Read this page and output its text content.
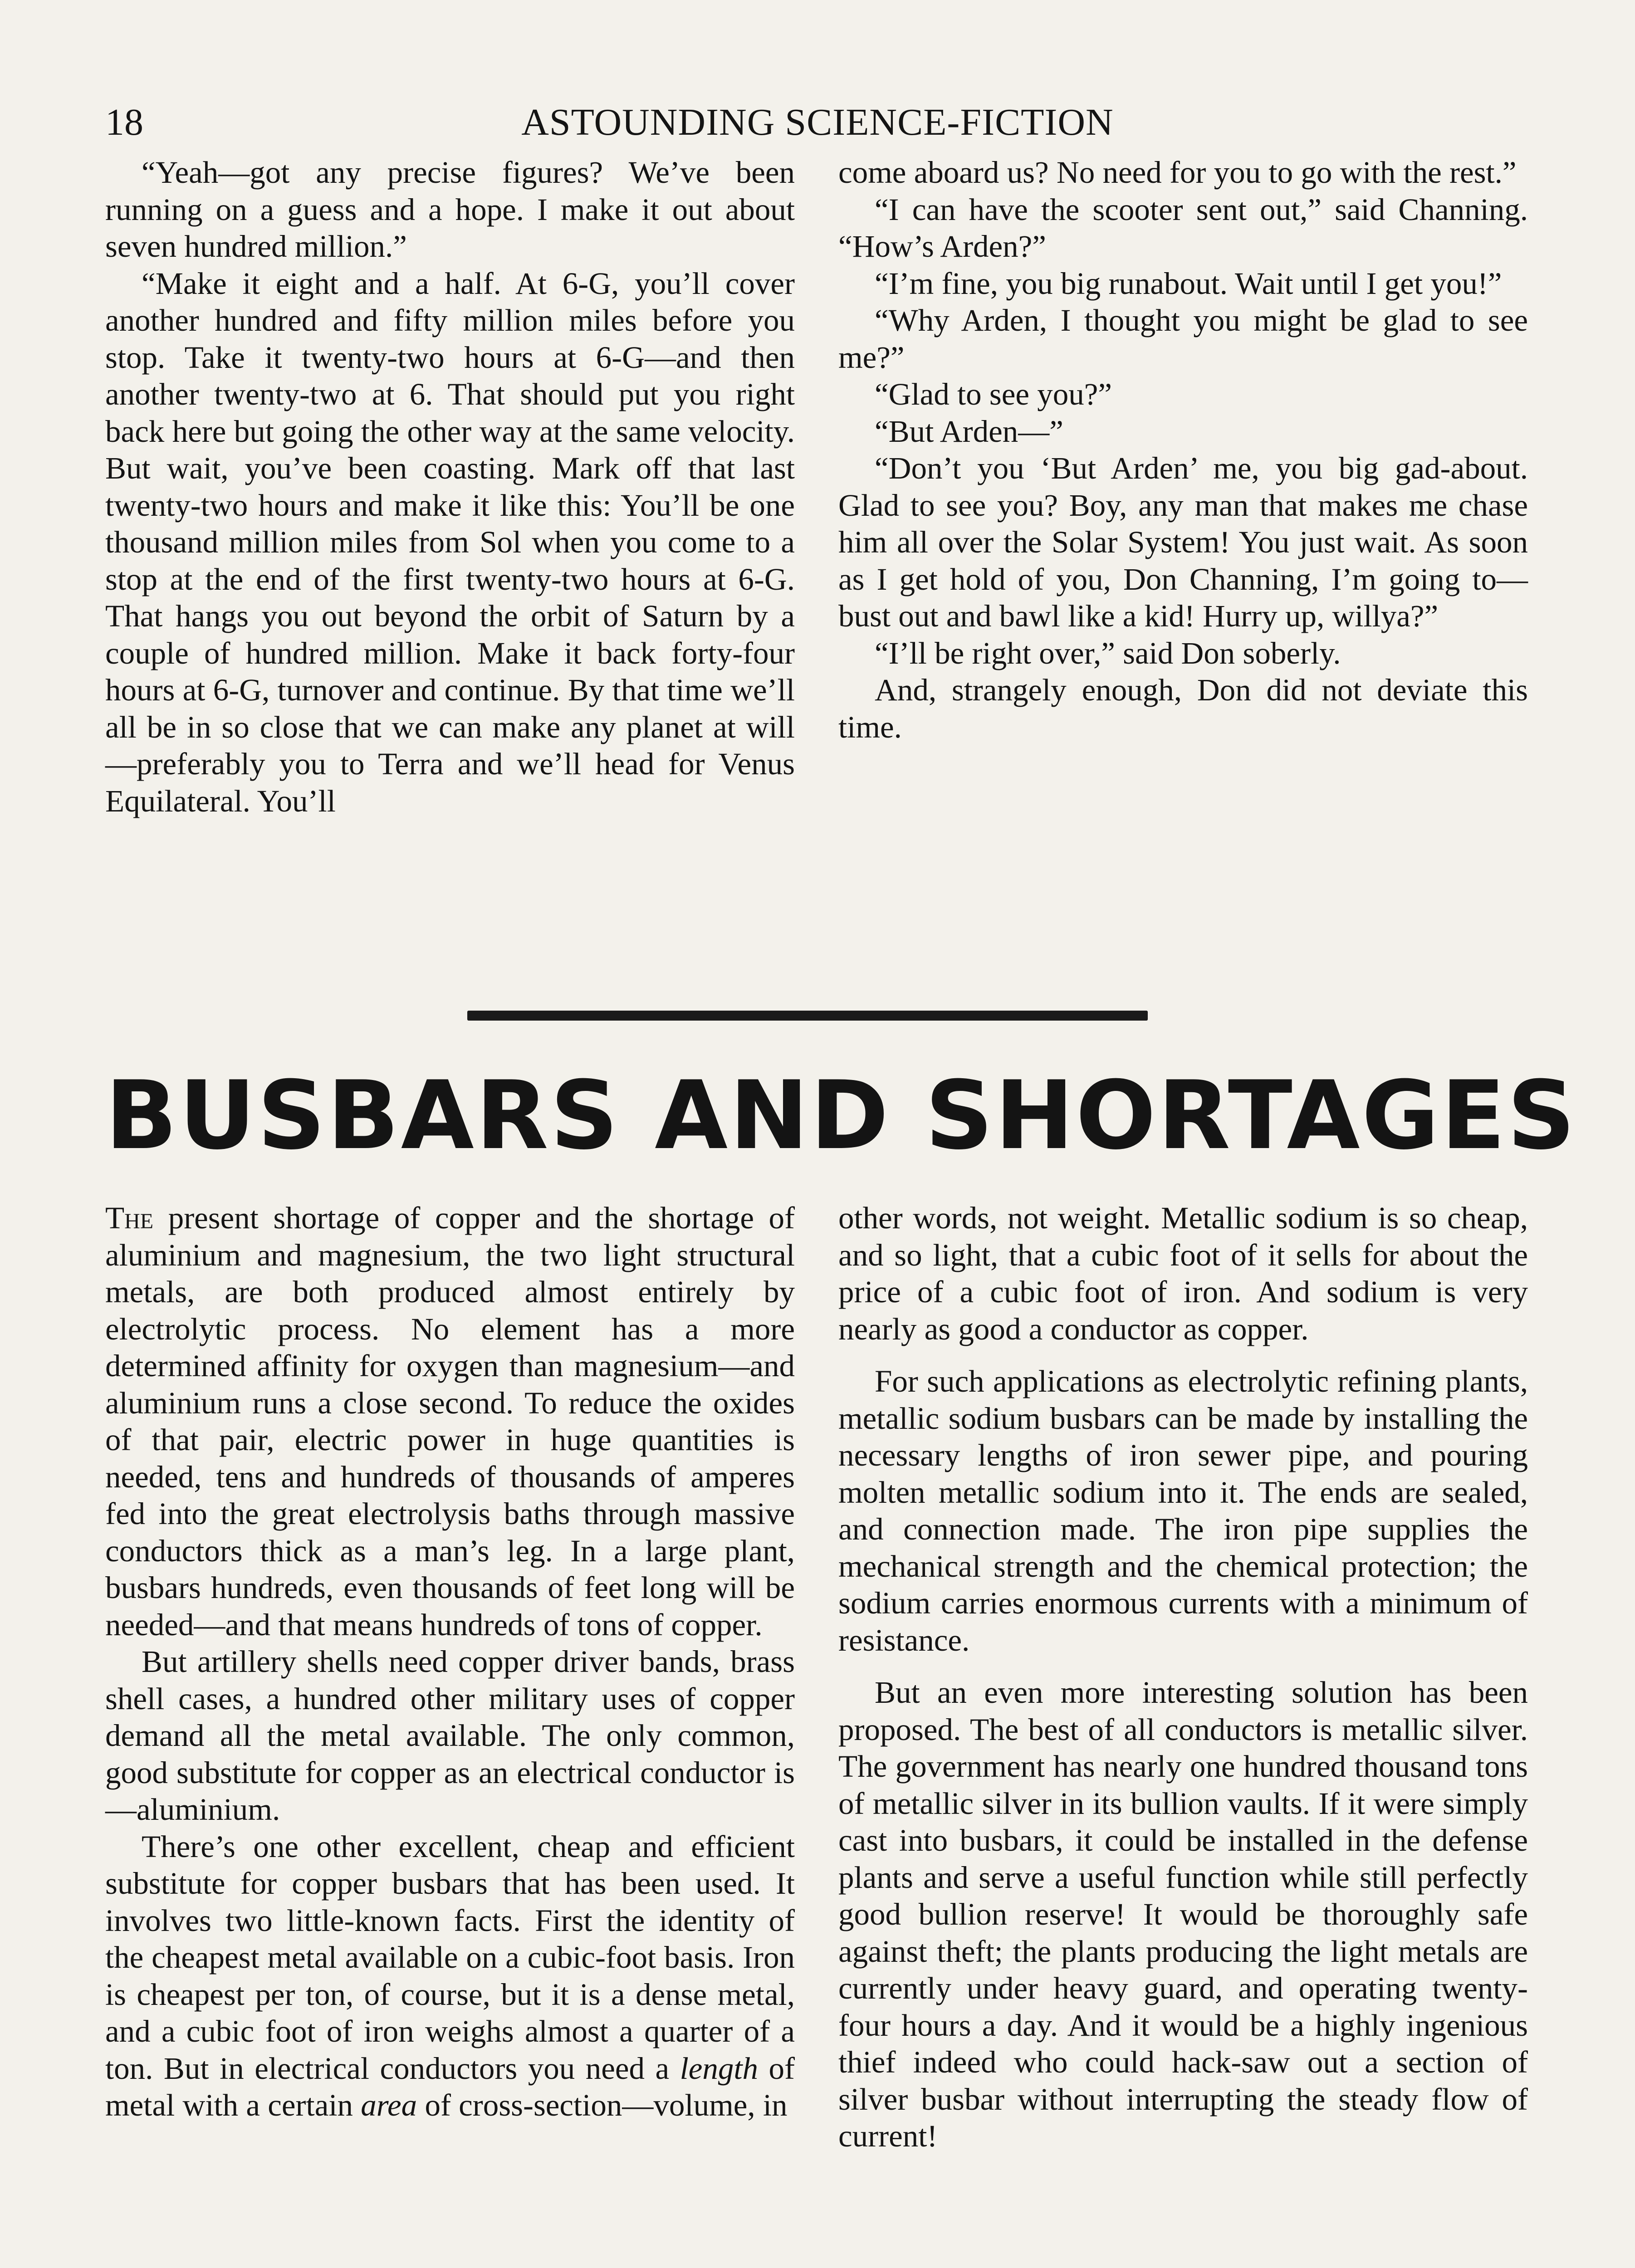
18	ASTOUNDING SCIENCE-FICTION

“Yeah—got any precise figures? We’ve been running on a guess and a hope. I make it out about seven hundred million.”

“Make it eight and a half. At 6-G, you’ll cover another hundred and fifty million miles before you stop. Take it twenty-two hours at 6-G—and then another twenty-two at 6. That should put you right back here but going the other way at the same velocity. But wait, you’ve been coasting. Mark off that last twenty-two hours and make it like this: You’ll be one thousand million miles from Sol when you come to a stop at the end of the first twenty-two hours at 6-G. That hangs you out beyond the orbit of Saturn by a couple of hundred million. Make it back forty-four hours at 6-G, turnover and continue. By that time we’ll all be in so close that we can make any planet at will—preferably you to Terra and we’ll head for Venus Equilateral. You’ll

come aboard us? No need for you to go with the rest.”

“I can have the scooter sent out,” said Channing. “How’s Arden?”

“I’m fine, you big runabout. Wait until I get you!”

“Why Arden, I thought you might be glad to see me?”

“Glad to see you?”

“But Arden—”

“Don’t you ‘But Arden’ me, you big gad-about. Glad to see you? Boy, any man that makes me chase him all over the Solar System! You just wait. As soon as I get hold of you, Don Channing, I’m going to—bust out and bawl like a kid! Hurry up, willya?”

“I’ll be right over,” said Don soberly.

And, strangely enough, Don did not deviate this time.

BUSBARS AND SHORTAGES

The present shortage of copper and the shortage of aluminium and magnesium, the two light structural metals, are both produced almost entirely by electrolytic process. No element has a more determined affinity for oxygen than magnesium—and aluminium runs a close second. To reduce the oxides of that pair, electric power in huge quantities is needed, tens and hundreds of thousands of amperes fed into the great electrolysis baths through massive conductors thick as a man’s leg. In a large plant, busbars hundreds, even thousands of feet long will be needed—and that means hundreds of tons of copper.

But artillery shells need copper driver bands, brass shell cases, a hundred other military uses of copper demand all the metal available. The only common, good substitute for copper as an electrical conductor is—aluminium.

There’s one other excellent, cheap and efficient substitute for copper busbars that has been used. It involves two little-known facts. First the identity of the cheapest metal available on a cubic-foot basis. Iron is cheapest per ton, of course, but it is a dense metal, and a cubic foot of iron weighs almost a quarter of a ton. But in electrical conductors you need a length of metal with a certain area of cross-section—volume, in

other words, not weight. Metallic sodium is so cheap, and so light, that a cubic foot of it sells for about the price of a cubic foot of iron. And sodium is very nearly as good a conductor as copper.

For such applications as electrolytic refining plants, metallic sodium busbars can be made by installing the necessary lengths of iron sewer pipe, and pouring molten metallic sodium into it. The ends are sealed, and connection made. The iron pipe supplies the mechanical strength and the chemical protection; the sodium carries enormous currents with a minimum of resistance.

But an even more interesting solution has been proposed. The best of all conductors is metallic silver. The government has nearly one hundred thousand tons of metallic silver in its bullion vaults. If it were simply cast into busbars, it could be installed in the defense plants and serve a useful function while still perfectly good bullion reserve! It would be thoroughly safe against theft; the plants producing the light metals are currently under heavy guard, and operating twenty-four hours a day. And it would be a highly ingenious thief indeed who could hack-saw out a section of silver busbar without interrupting the steady flow of current!
